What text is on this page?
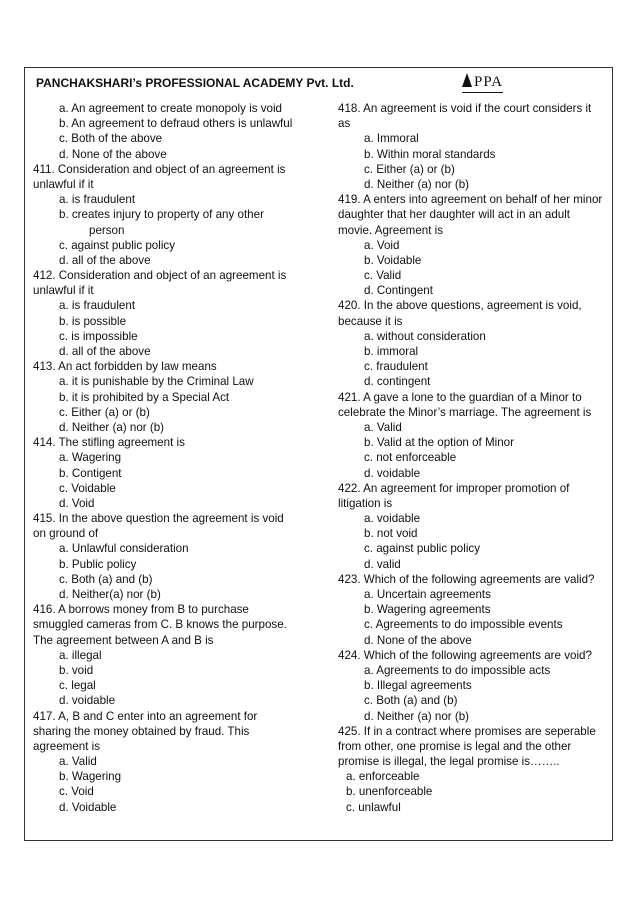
PANCHAKSHARI’s PROFESSIONAL ACADEMY Pvt. Ltd.	PPA
a. An agreement to create monopoly is void
b. An agreement to defraud others is unlawful
c. Both of the above
d. None of the above
411. Consideration and object of an agreement is
unlawful if it
a. is fraudulent
b. creates injury to property of any other
person
c. against public policy
d. all of the above
412. Consideration and object of an agreement is
unlawful if it
a. is fraudulent
b. is possible
c. is impossible
d. all of the above
413. An act forbidden by law means
a. it is punishable by the Criminal Law
b. it is prohibited by a Special Act
c. Either (a) or (b)
d. Neither (a) nor (b)
414. The stifling agreement is
a. Wagering
b. Contigent
c. Voidable
d. Void
415. In the above question the agreement is void
on ground of
a. Unlawful consideration
b. Public policy
c. Both (a) and (b)
d. Neither(a) nor (b)
416. A borrows money from B to purchase
smuggled cameras from C. B knows the purpose.
The agreement between A and B is
a. illegal
b. void
c. legal
d. voidable
417. A, B and C enter into an agreement for
sharing the money obtained by fraud. This
agreement is
a. Valid
b. Wagering
c. Void
d. Voidable
418. An agreement is void if the court considers it
as
a. Immoral
b. Within moral standards
c. Either (a) or (b)
d. Neither (a) nor (b)
419. A enters into agreement on behalf of her minor
daughter that her daughter will act in an adult
movie. Agreement is
a. Void
b. Voidable
c. Valid
d. Contingent
420. In the above questions, agreement is void,
because it is
a. without consideration
b. immoral
c. fraudulent
d. contingent
421. A gave a lone to the guardian of a Minor to
celebrate the Minor’s marriage. The agreement is
a. Valid
b. Valid at the option of Minor
c. not enforceable
d. voidable
422. An agreement for improper promotion of
litigation is
a. voidable
b. not void
c. against public policy
d. valid
423. Which of the following agreements are valid?
a. Uncertain agreements
b. Wagering agreements
c. Agreements to do impossible events
d. None of the above
424. Which of the following agreements are void?
a. Agreements to do impossible acts
b. Illegal agreements
c. Both (a) and (b)
d. Neither (a) nor (b)
425. If in a contract where promises are seperable
from other, one promise is legal and the other
promise is illegal, the legal promise is……..
a. enforceable
b. unenforceable
c. unlawful
